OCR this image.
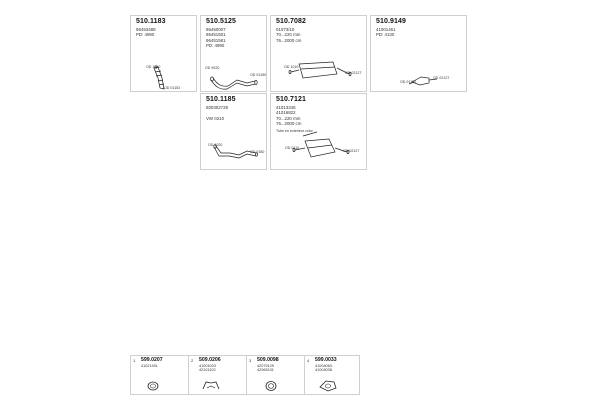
510.1183
96453488
PD: 4990
OD 1010
OD 01153
510.5125
96450007
96451501
96451581
PD: 4990
OD 9220
OD 01150
510.7082
01073/10
70...220 mm
76...2000 cm
OD 1010
OD 02127
510.9149
41001461
PD: 4130
OD 01150
OD 02127
510.1185
500302729

VW 0210
OD 1020
OD 0180
510.7121
41013345
41016822
70...220 mm
76...2000 cm
Tube en exterieur color
OD 0110
OD 02127
1 599.0207
41021451
2 509.0206
41001003
42101102
3 509.0098
42075129
42065131
4 599.0033
41004063
41004038
